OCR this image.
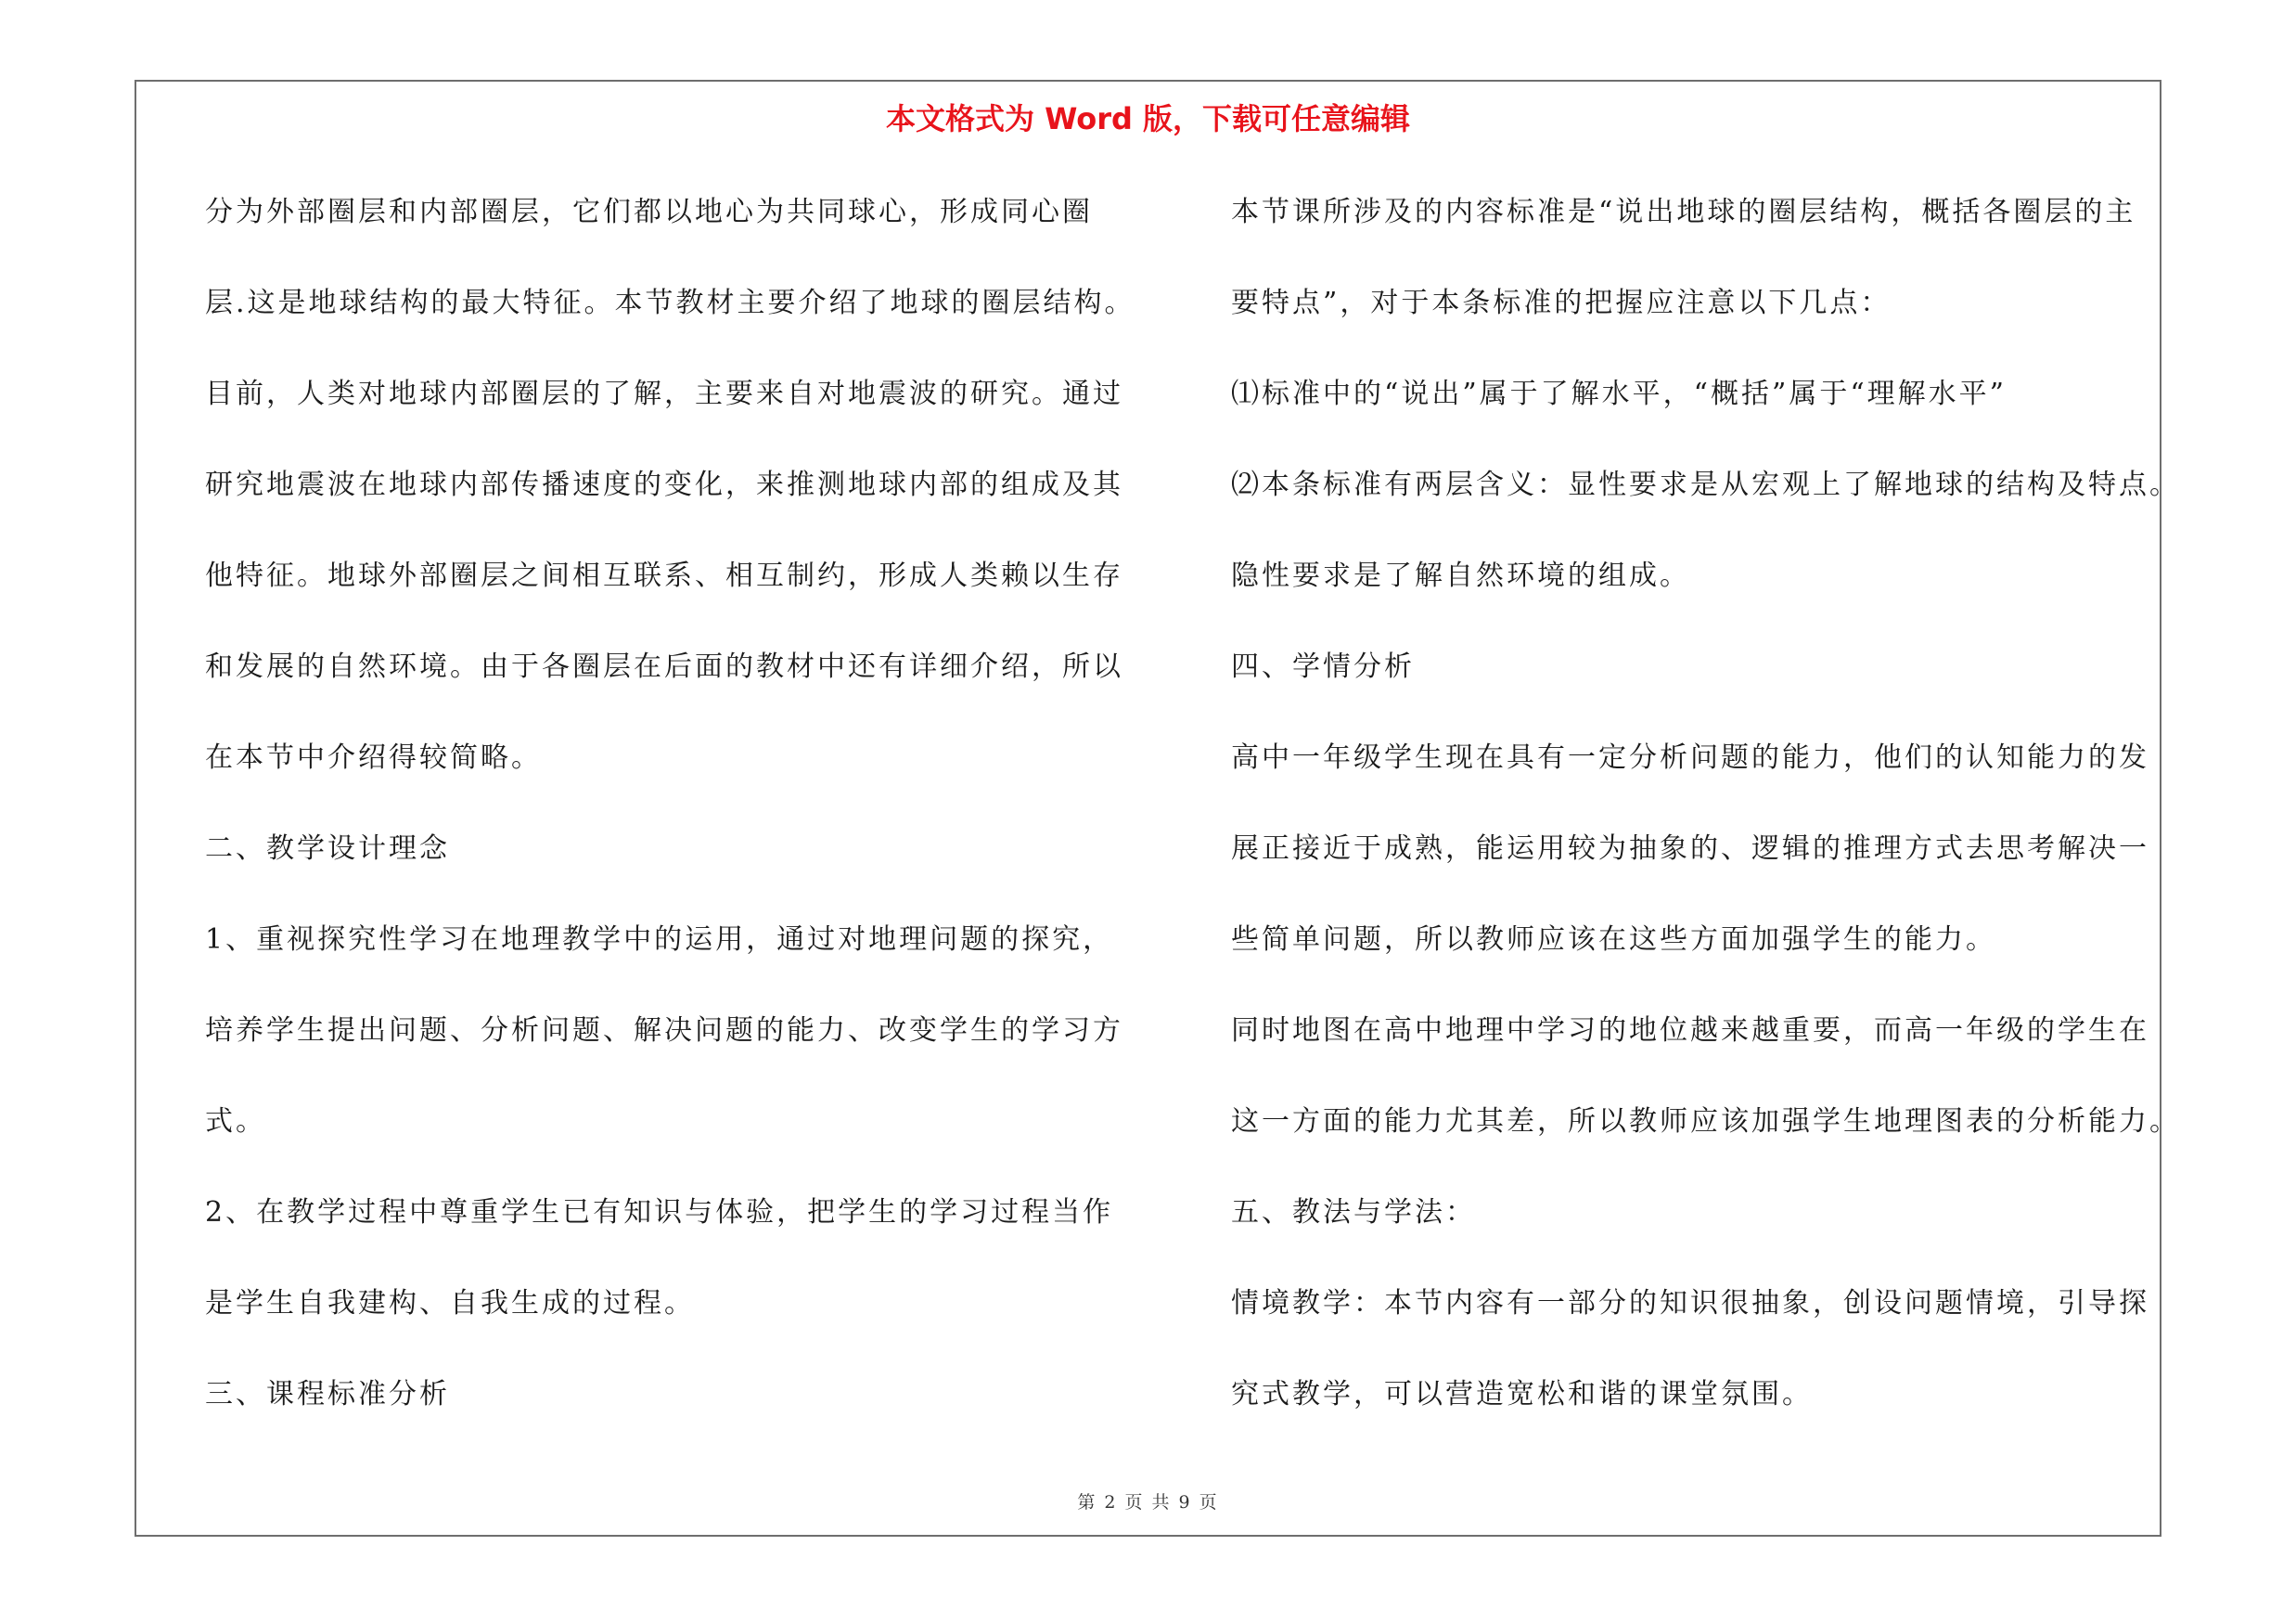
本文格式为 Word 版，下载可任意编辑
分为外部圈层和内部圈层，它们都以地心为共同球心，形成同心圈
层.这是地球结构的最大特征。本节教材主要介绍了地球的圈层结构。
目前，人类对地球内部圈层的了解，主要来自对地震波的研究。通过
研究地震波在地球内部传播速度的变化，来推测地球内部的组成及其
他特征。地球外部圈层之间相互联系、相互制约，形成人类赖以生存
和发展的自然环境。由于各圈层在后面的教材中还有详细介绍，所以
在本节中介绍得较简略。
二、教学设计理念
1、重视探究性学习在地理教学中的运用，通过对地理问题的探究，
培养学生提出问题、分析问题、解决问题的能力、改变学生的学习方
式。
2、在教学过程中尊重学生已有知识与体验，把学生的学习过程当作
是学生自我建构、自我生成的过程。
三、课程标准分析
本节课所涉及的内容标准是“说出地球的圈层结构，概括各圈层的主
要特点”，对于本条标准的把握应注意以下几点：
⑴标准中的“说出”属于了解水平，“概括”属于“理解水平”
⑵本条标准有两层含义：显性要求是从宏观上了解地球的结构及特点。
隐性要求是了解自然环境的组成。
四、学情分析
高中一年级学生现在具有一定分析问题的能力，他们的认知能力的发
展正接近于成熟，能运用较为抽象的、逻辑的推理方式去思考解决一
些简单问题，所以教师应该在这些方面加强学生的能力。
同时地图在高中地理中学习的地位越来越重要，而高一年级的学生在
这一方面的能力尤其差，所以教师应该加强学生地理图表的分析能力。
五、教法与学法：
情境教学：本节内容有一部分的知识很抽象，创设问题情境，引导探
究式教学，可以营造宽松和谐的课堂氛围。
第 2 页 共 9 页
